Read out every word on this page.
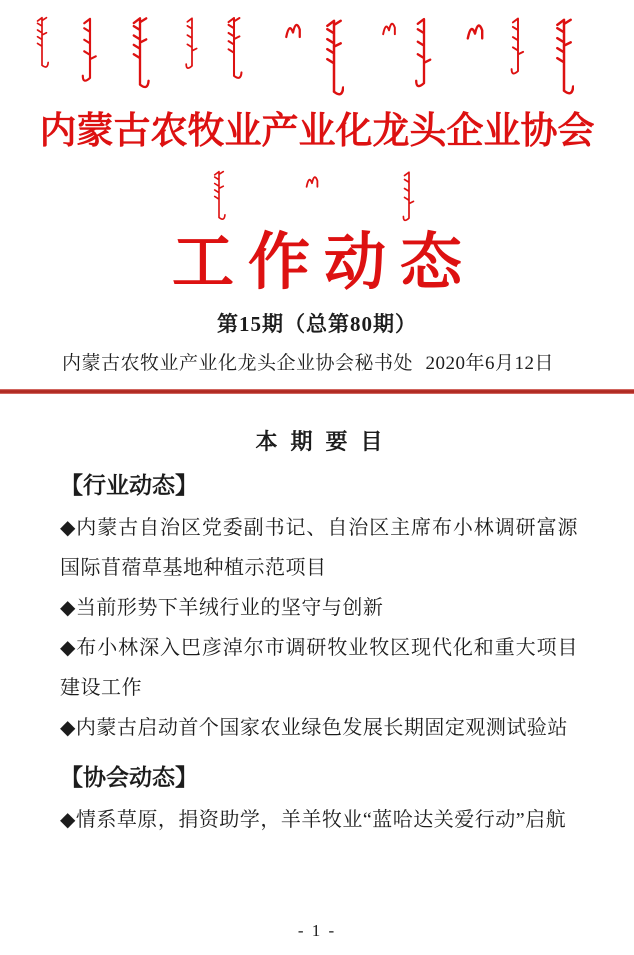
内蒙古农牧业产业化龙头企业协会
工作动态
第15期（总第80期）
内蒙古农牧业产业化龙头企业协会秘书处 2020年6月12日
本期要目
【行业动态】

◆内蒙古自治区党委副书记、自治区主席布小林调研富源国际苜蓿草基地种植示范项目

◆当前形势下羊绒行业的坚守与创新

◆布小林深入巴彦淖尔市调研牧业牧区现代化和重大项目建设工作

◆内蒙古启动首个国家农业绿色发展长期固定观测试验站

【协会动态】

◆情系草原，捐资助学，羊羊牧业“蓝哈达关爱行动”启航

- 1 -
